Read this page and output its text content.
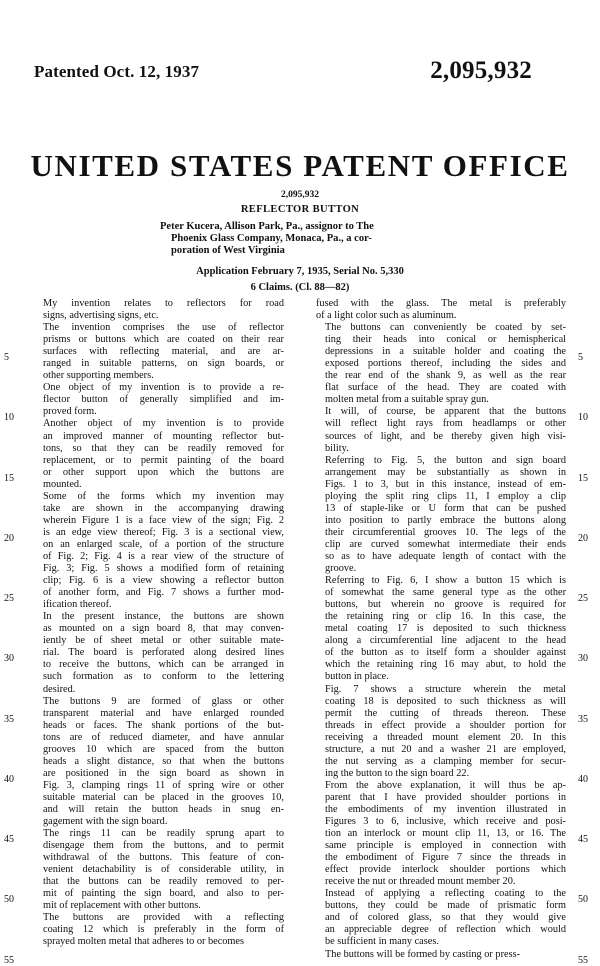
Patented Oct. 12, 1937	2,095,932
UNITED STATES PATENT OFFICE
2,095,932
REFLECTOR BUTTON
Peter Kucera, Allison Park, Pa., assignor to The
Phoenix Glass Company, Monaca, Pa., a cor-
poration of West Virginia
Application February 7, 1935, Serial No. 5,330
6 Claims. (Cl. 88—82)

My invention relates to reflectors for road
signs, advertising signs, etc.

The invention comprises the use of reflector
prisms or buttons which are coated on their rear
surfaces with reflecting material, and are ar-
ranged in suitable patterns, on sign boards, or
other supporting members.

One object of my invention is to provide a re-
flector button of generally simplified and im-
proved form.

Another object of my invention is to provide
an improved manner of mounting reflector but-
tons, so that they can be readily removed for
replacement, or to permit painting of the board
or other support upon which the buttons are
mounted.

Some of the forms which my invention may
take are shown in the accompanying drawing
wherein Figure 1 is a face view of the sign; Fig. 2
is an edge view thereof; Fig. 3 is a sectional view,
on an enlarged scale, of a portion of the structure
of Fig. 2; Fig. 4 is a rear view of the structure of
Fig. 3; Fig. 5 shows a modified form of retaining
clip; Fig. 6 is a view showing a reflector button
of another form, and Fig. 7 shows a further mod-
ification thereof.

In the present instance, the buttons are shown
as mounted on a sign board 8, that may conven-
iently be of sheet metal or other suitable mate-
rial. The board is perforated along desired lines
to receive the buttons, which can be arranged in
such formation as to conform to the lettering
desired.

The buttons 9 are formed of glass or other
transparent material and have enlarged rounded
heads or faces. The shank portions of the but-
tons are of reduced diameter, and have annular
grooves 10 which are spaced from the button
heads a slight distance, so that when the buttons
are positioned in the sign board as shown in
Fig. 3, clamping rings 11 of spring wire or other
suitable material can be placed in the grooves 10,
and will retain the button heads in snug en-
gagement with the sign board.

The rings 11 can be readily sprung apart to
disengage them from the buttons, and to permit
withdrawal of the buttons. This feature of con-
venient detachability is of considerable utility, in
that the buttons can be readily removed to per-
mit of painting the sign board, and also to per-
mit of replacement with other buttons.

The buttons are provided with a reflecting
coating 12 which is preferably in the form of
sprayed molten metal that adheres to or becomes

fused with the glass. The metal is preferably
of a light color such as aluminum.

The buttons can conveniently be coated by set-
ting their heads into conical or hemispherical
depressions in a suitable holder and coating the
exposed portions thereof, including the sides and
the rear end of the shank 9, as well as the rear
flat surface of the head. They are coated with
molten metal from a suitable spray gun.

It will, of course, be apparent that the buttons
will reflect light rays from headlamps or other
sources of light, and be thereby given high visi-
bility.

Referring to Fig. 5, the button and sign board
arrangement may be substantially as shown in
Figs. 1 to 3, but in this instance, instead of em-
ploying the split ring clips 11, I employ a clip
13 of staple-like or U form that can be pushed
into position to partly embrace the buttons along
their circumferential grooves 10. The legs of the
clip are curved somewhat intermediate their ends
so as to have adequate length of contact with the
groove.

Referring to Fig. 6, I show a button 15 which is
of somewhat the same general type as the other
buttons, but wherein no groove is required for
the retaining ring or clip 16. In this case, the
metal coating 17 is deposited to such thickness
along a circumferential line adjacent to the head
of the button as to itself form a shoulder against
which the retaining ring 16 may abut, to hold the
button in place.

Fig. 7 shows a structure wherein the metal
coating 18 is deposited to such thickness as will
permit the cutting of threads thereon. These
threads in effect provide a shoulder portion for
receiving a threaded mount element 20. In this
structure, a nut 20 and a washer 21 are employed,
the nut serving as a clamping member for secur-
ing the button to the sign board 22.

From the above explanation, it will thus be ap-
parent that I have provided shoulder portions in
the embodiments of my invention illustrated in
Figures 3 to 6, inclusive, which receive and posi-
tion an interlock or mount clip 11, 13, or 16. The
same principle is employed in connection with
the embodiment of Figure 7 since the threads in
effect provide interlock shoulder portions which
receive the nut or threaded mount member 20.

Instead of applying a reflecting coating to the
buttons, they could be made of prismatic form
and of colored glass, so that they would give
an appreciable degree of reflection which would
be sufficient in many cases.

The buttons will be formed by casting or press-

5	5
10	10
15	15
20	20
25	25
30	30
35	35
40	40
45	45
50	50
55	55
